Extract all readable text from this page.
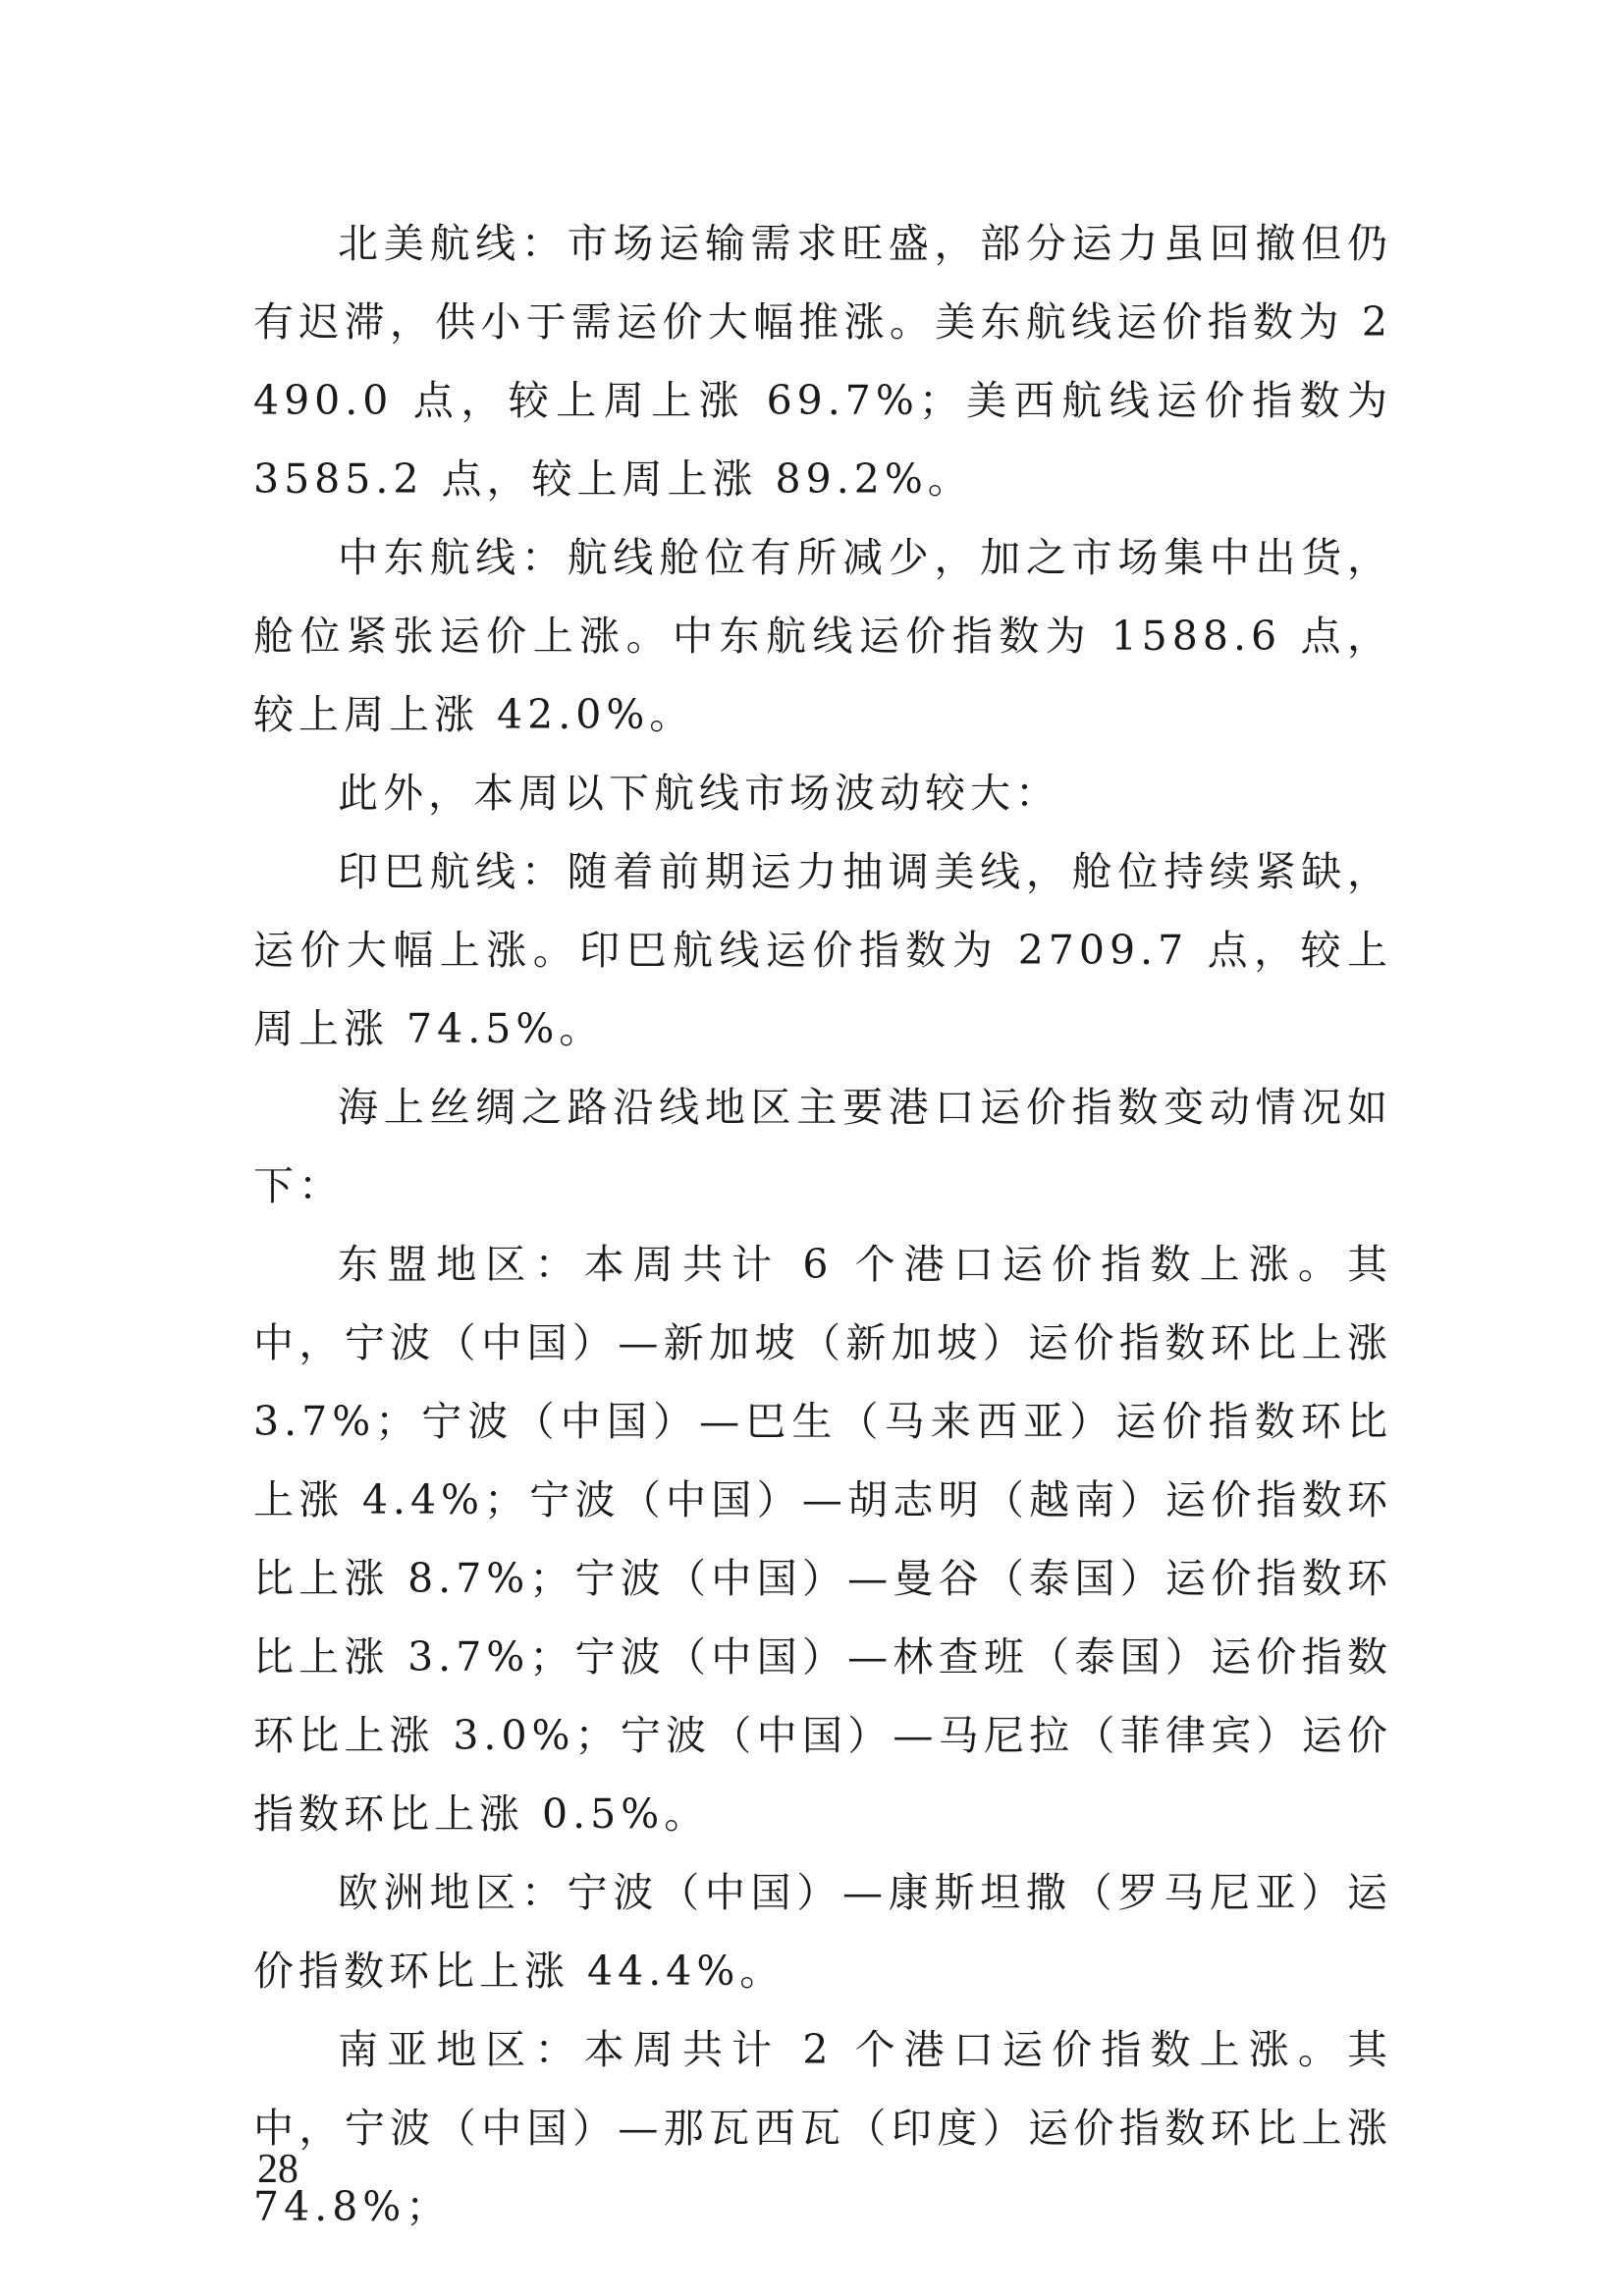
北美航线：市场运输需求旺盛，部分运力虽回撤但仍有迟滞，供小于需运价大幅推涨。美东航线运价指数为 2490.0 点，较上周上涨 69.7%；美西航线运价指数为 3585.2 点，较上周上涨 89.2%。

中东航线：航线舱位有所减少，加之市场集中出货，舱位紧张运价上涨。中东航线运价指数为 1588.6 点，较上周上涨 42.0%。

此外，本周以下航线市场波动较大：

印巴航线：随着前期运力抽调美线，舱位持续紧缺，运价大幅上涨。印巴航线运价指数为 2709.7 点，较上周上涨 74.5%。

海上丝绸之路沿线地区主要港口运价指数变动情况如下：

东盟地区：本周共计 6 个港口运价指数上涨。其中，宁波（中国）—新加坡（新加坡）运价指数环比上涨 3.7%；宁波（中国）—巴生（马来西亚）运价指数环比上涨 4.4%；宁波（中国）—胡志明（越南）运价指数环比上涨 8.7%；宁波（中国）—曼谷（泰国）运价指数环比上涨 3.7%；宁波（中国）—林查班（泰国）运价指数环比上涨 3.0%；宁波（中国）—马尼拉（菲律宾）运价指数环比上涨 0.5%。

欧洲地区：宁波（中国）—康斯坦撒（罗马尼亚）运价指数环比上涨 44.4%。

南亚地区：本周共计 2 个港口运价指数上涨。其中，宁波（中国）—那瓦西瓦（印度）运价指数环比上涨 74.8%；

28
